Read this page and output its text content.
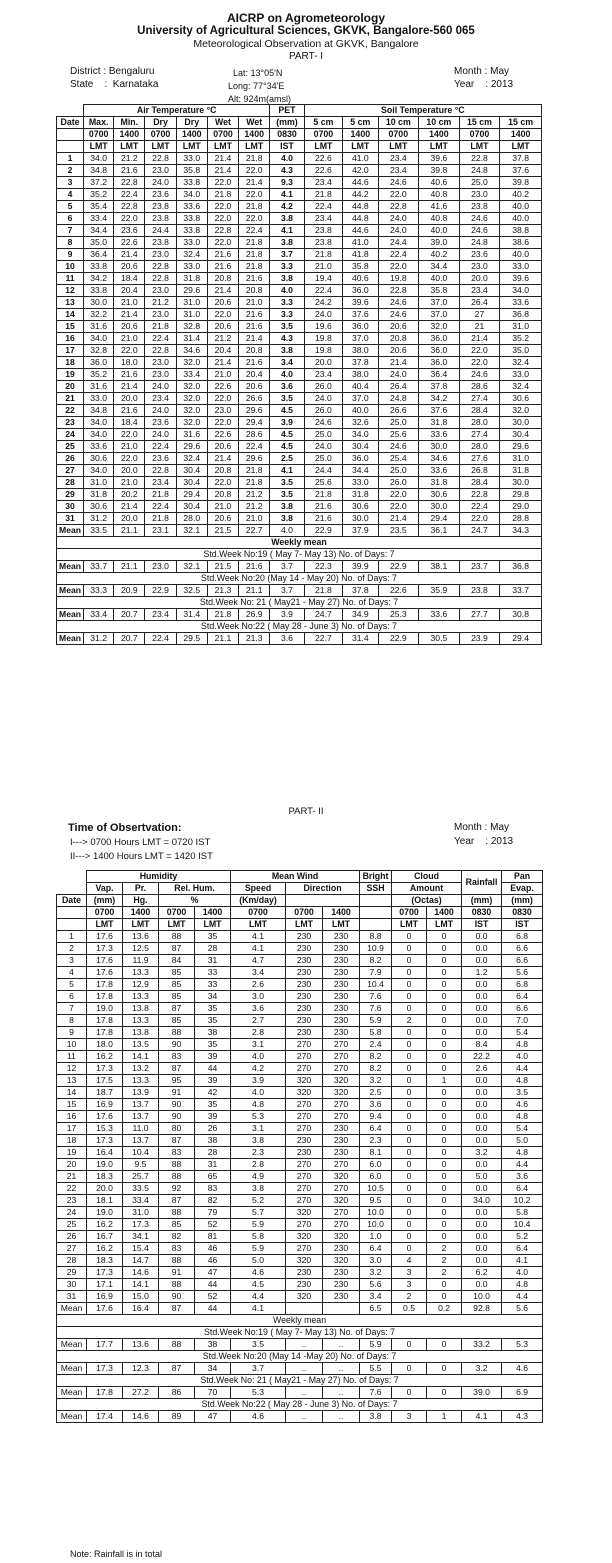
AICRP on Agrometeorology
University of Agricultural Sciences, GKVK, Bangalore-560 065
Meteorological Observation at GKVK, Bangalore
PART- I
District : Bengaluru
State    :  Karnataka
Lat: 13°05'N
Long: 77°34'E
Alt: 924m(amsl)
Month : May
Year    : 2013
	Air Temperature °C						PET	Soil Temperature °C					
Date	Max.	Min.	Dry	Dry	Wet	Wet	(mm)	5 cm	5 cm	10 cm	10 cm	15 cm	15 cm
	0700	1400	0700	1400	0700	1400	0830	0700	1400	0700	1400	0700	1400
	LMT	LMT	LMT	LMT	LMT	LMT	IST	LMT	LMT	LMT	LMT	LMT	LMT
1	34.0	21.2	22.8	33.0	21.4	21.8	4.0	22.6	41.0	23.4	39.6	22.8	37.8
2	34.8	21.6	23.0	35.8	21.4	22.0	4.3	22.6	42.0	23.4	39.8	24.8	37.6
3	37.2	22.8	24.0	33.8	22.0	21.4	9.3	23.4	44.6	24.6	40.6	25.0	39.8
4	35.2	22.4	23.6	34.0	21.8	22.0	4.1	21.8	44.2	22.0	40.8	23.0	40.2
5	35.4	22.8	23.8	33.6	22.0	21.8	4.2	22.4	44.8	22.8	41.6	23.8	40.0
6	33.4	22.0	23.8	33.8	22.0	22.0	3.8	23.4	44.8	24.0	40.8	24.6	40.0
7	34.4	23.6	24.4	33.8	22.8	22.4	4.1	23.8	44.6	24.0	40.0	24.6	38.8
8	35.0	22.6	23.8	33.0	22.0	21.8	3.8	23.8	41.0	24.4	39.0	24.8	38.6
9	36.4	21.4	23.0	32.4	21.6	21.8	3.7	21.8	41.8	22.4	40.2	23.6	40.0
10	33.8	20.6	22.8	33.0	21.6	21.8	3.3	21.0	35.8	22.0	34.4	23.0	33.0
11	34.2	18.4	22.8	31.8	20.8	21.6	3.8	19.4	40.6	19.8	40.0	20.0	39.6
12	33.8	20.4	23.0	29.6	21.4	20.8	4.0	22.4	36.0	22.8	35.8	23.4	34.0
13	30.0	21.0	21.2	31.0	20.6	21.0	3.3	24.2	39.6	24.6	37.0	26.4	33.6
14	32.2	21.4	23.0	31.0	22.0	21.6	3.3	24.0	37.6	24.6	37.0	27	36.8
15	31.6	20.6	21.8	32.8	20.6	21.6	3.5	19.6	36.0	20.6	32.0	21	31.0
16	34.0	21.0	22.4	31.4	21.2	21.4	4.3	19.8	37.0	20.8	36.0	21.4	35.2
17	32.8	22.0	22.8	34.6	20.4	20.8	3.8	19.8	38.0	20.6	36.0	22.0	35.0
18	36.0	18.0	23.0	32.0	21.4	21.6	3.4	20.0	37.8	21.4	36.0	22.0	32.4
19	35.2	21.6	23.0	33.4	21.0	20.4	4.0	23.4	38.0	24.0	36.4	24.6	33.0
20	31.6	21.4	24.0	32.0	22.6	20.6	3.6	26.0	40.4	26.4	37.8	28.6	32.4
21	33.0	20.0	23.4	32.0	22.0	26.6	3.5	24.0	37.0	24.8	34.2	27.4	30.6
22	34.8	21.6	24.0	32.0	23.0	29.6	4.5	26.0	40.0	26.6	37.6	28.4	32.0
23	34.0	18.4	23.6	32.0	22.0	29.4	3.9	24.6	32.6	25.0	31.8	28.0	30.0
24	34.0	22.0	24.0	31.6	22.6	28.6	4.5	25.0	34.0	25.6	33.6	27.4	30.4
25	33.6	21.0	22.4	29.6	20.6	22.4	4.5	24.0	30.4	24.6	30.0	28.0	29.6
26	30.6	22.0	23.6	32.4	21.4	29.6	2.5	25.0	36.0	25.4	34.6	27.6	31.0
27	34.0	20.0	22.8	30.4	20.8	21.8	4.1	24.4	34.4	25.0	33.6	26.8	31.8
28	31.0	21.0	23.4	30.4	22.0	21.8	3.5	25.6	33.0	26.0	31.8	28.4	30.0
29	31.8	20.2	21.8	29.4	20.8	21.2	3.5	21.8	31.8	22.0	30.6	22.8	29.8
30	30.6	21.4	22.4	30.4	21.0	21.2	3.8	21.6	30.6	22.0	30.0	22.4	29.0
31	31.2	20.0	21.8	28.0	20.6	21.0	3.8	21.6	30.0	21.4	29.4	22.0	28.8
Mean	33.5	21.1	23.1	32.1	21.5	22.7	4.0	22.9	37.9	23.5	36.1	24.7	34.3
Weekly mean													
Std.Week No:19 ( May 7- May 13) No. of Days: 7													
Mean	33.7	21.1	23.0	32.1	21.5	21.6	3.7	22.3	39.9	22.9	38.1	23.7	36.8
Std.Week No:20 (May 14 - May 20) No. of Days: 7													
Mean	33.3	20.9	22.9	32.5	21.3	21.1	3.7	21.8	37.8	22.6	35.9	23.8	33.7
Std.Week No: 21 ( May21 - May 27) No. of Days: 7													
Mean	33.4	20.7	23.4	31.4	21.8	26.9	3.9	24.7	34.9	25.3	33.6	27.7	30.8
Std.Week No:22 ( May 28 - June 3) No. of Days: 7													
Mean	31.2	20.7	22.4	29.5	21.1	21.3	3.6	22.7	31.4	22.9	30.5	23.9	29.4
PART- II
Time of Obsertvation:
I---> 0700 Hours LMT = 0720 IST
II---> 1400 Hours LMT = 1420 IST
Month : May
Year    : 2013
	Humidity				Mean Wind			Bright	Cloud		Rainfall	Pan
	Vap.	Pr.	Rel. Hum.		Speed	Direction		SSH	Amount			Evap.
Date	(mm)	Hg.	%		(Km/day)				(Octas)		(mm)	(mm)
	0700	1400	0700	1400	0700	0700	1400		0700	1400	0830	0830
	LMT	LMT	LMT	LMT	LMT	LMT	LMT		LMT	LMT	IST	IST
1	17.6	13.6	88	35	4.1	230	230	8.8	0	0	0.0	6.8
2	17.3	12.5	87	28	4.1	230	230	10.9	0	0	0.0	6.6
3	17.6	11.9	84	31	4.7	230	230	8.2	0	0	0.0	6.6
4	17.6	13.3	85	33	3.4	230	230	7.9	0	0	1.2	5.6
5	17.8	12.9	85	33	2.6	230	230	10.4	0	0	0.0	6.8
6	17.8	13.3	85	34	3.0	230	230	7.6	0	0	0.0	6.4
7	19.0	13.8	87	35	3.6	230	230	7.6	0	0	0.0	6.6
8	17.8	13.3	85	35	2.7	230	230	5.9	2	0	0.0	7.0
9	17.8	13.8	88	38	2.8	230	230	5.8	0	0	0.0	5.4
10	18.0	13.5	90	35	3.1	270	270	2.4	0	0	8.4	4.8
11	16.2	14.1	83	39	4.0	270	270	8.2	0	0	22.2	4.0
12	17.3	13.2	87	44	4.2	270	270	8.2	0	0	2.6	4.4
13	17.5	13.3	95	39	3.9	320	320	3.2	0	1	0.0	4.8
14	18.7	13.9	91	42	4.0	320	320	2.5	0	0	0.0	3.5
15	16.9	13.7	90	35	4.8	270	270	3.6	0	0	0.0	4.6
16	17.6	13.7	90	39	5.3	270	270	9.4	0	0	0.0	4.8
17	15.3	11.0	80	26	3.1	270	230	6.4	0	0	0.0	5.4
18	17.3	13.7	87	38	3.8	230	230	2.3	0	0	0.0	5.0
19	16.4	10.4	83	28	2.3	230	230	8.1	0	0	3.2	4.8
20	19.0	9.5	88	31	2.8	270	270	6.0	0	0	0.0	4.4
21	18.3	25.7	88	65	4.9	270	320	6.0	0	0	5.0	3.6
22	20.0	33.5	92	83	3.8	270	270	10.5	0	0	0.0	6.4
23	18.1	33.4	87	82	5.2	270	320	9.5	0	0	34.0	10.2
24	19.0	31.0	88	79	5.7	320	270	10.0	0	0	0.0	5.8
25	16.2	17.3	85	52	5.9	270	270	10.0	0	0	0.0	10.4
26	16.7	34.1	82	81	5.8	320	320	1.0	0	0	0.0	5.2
27	16.2	15.4	83	46	5.9	270	230	6.4	0	2	0.0	6.4
28	18.3	14.7	88	46	5.0	320	320	3.0	4	2	0.0	4.1
29	17.3	14.6	91	47	4.6	230	230	3.2	3	2	6.2	4.0
30	17.1	14.1	88	44	4.5	230	230	5.6	3	0	0.0	4.8
31	16.9	15.0	90	52	4.4	320	230	3.4	2	0	10.0	4.4
Mean	17.6	16.4	87	44	4.1			6.5	0.5	0.2	92.8	5.6
Weekly mean												
Std.Week No:19 ( May 7- May 13) No. of Days: 7												
Mean	17.7	13.6	88	38	3.5	..	..	5.9	0	0	33.2	5.3
Std.Week No:20 (May 14 -May 20) No. of Days: 7												
Mean	17.3	12.3	87	34	3.7	..	..	5.5	0	0	3.2	4.6
Std.Week No: 21 ( May21 - May 27) No. of Days: 7												
Mean	17.8	27.2	86	70	5.3	..	..	7.6	0	0	39.0	6.9
Std.Week No:22 ( May 28 - June 3) No. of Days: 7												
Mean	17.4	14.6	89	47	4.6	..	..	3.8	3	1	4.1	4.3
Note: Rainfall is in total
